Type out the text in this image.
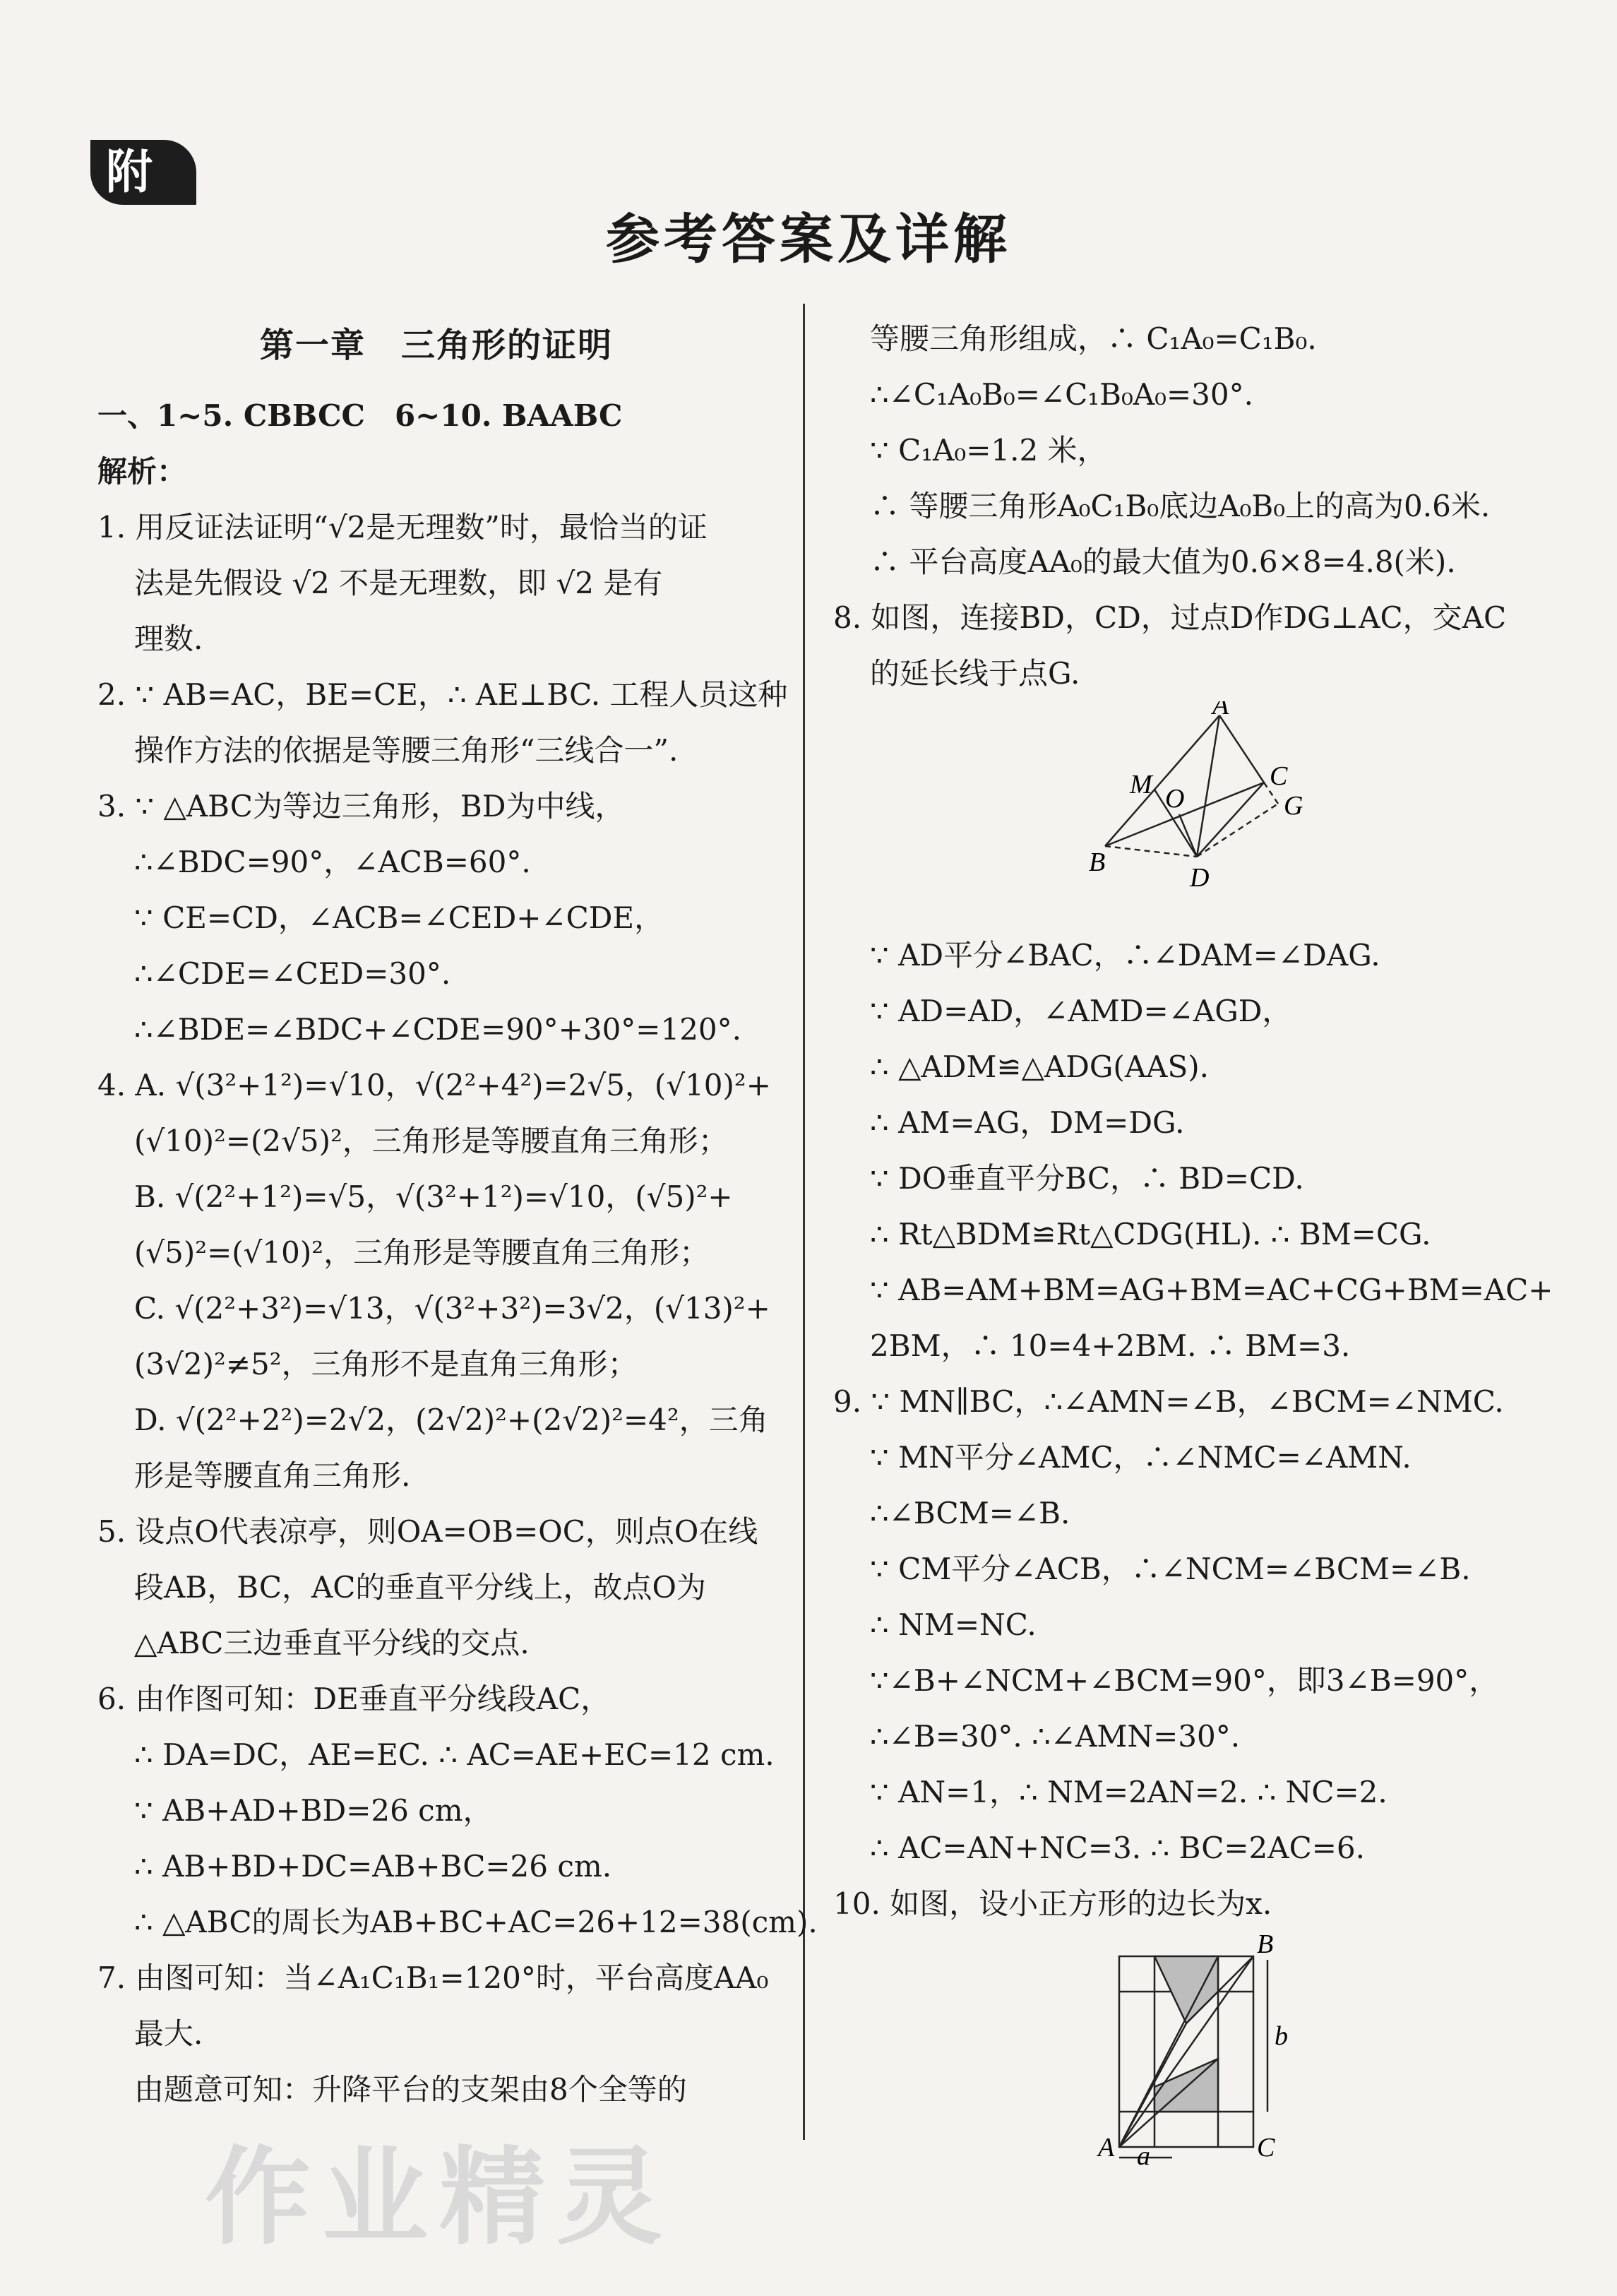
附
参考答案及详解
第一章　三角形的证明
一、1~5. CBBCC　6~10. BAABC
解析：
1. 用反证法证明“√2是无理数”时，最恰当的证
法是先假设 √2 不是无理数，即 √2 是有
理数.
2. ∵ AB=AC，BE=CE，∴ AE⊥BC. 工程人员这种
操作方法的依据是等腰三角形“三线合一”.
3. ∵ △ABC为等边三角形，BD为中线，
∴∠BDC=90°，∠ACB=60°.
∵ CE=CD，∠ACB=∠CED+∠CDE，
∴∠CDE=∠CED=30°.
∴∠BDE=∠BDC+∠CDE=90°+30°=120°.
4. A. √(3²+1²)=√10，√(2²+4²)=2√5，(√10)²+
(√10)²=(2√5)²，三角形是等腰直角三角形；
B. √(2²+1²)=√5，√(3²+1²)=√10，(√5)²+
(√5)²=(√10)²，三角形是等腰直角三角形；
C. √(2²+3²)=√13，√(3²+3²)=3√2，(√13)²+
(3√2)²≠5²，三角形不是直角三角形；
D. √(2²+2²)=2√2，(2√2)²+(2√2)²=4²，三角
形是等腰直角三角形.
5. 设点O代表凉亭，则OA=OB=OC，则点O在线
段AB，BC，AC的垂直平分线上，故点O为
△ABC三边垂直平分线的交点.
6. 由作图可知：DE垂直平分线段AC，
∴ DA=DC，AE=EC. ∴ AC=AE+EC=12 cm.
∵ AB+AD+BD=26 cm，
∴ AB+BD+DC=AB+BC=26 cm.
∴ △ABC的周长为AB+BC+AC=26+12=38(cm).
7. 由图可知：当∠A₁C₁B₁=120°时，平台高度AA₀
最大.
由题意可知：升降平台的支架由8个全等的
等腰三角形组成，∴ C₁A₀=C₁B₀.
∴∠C₁A₀B₀=∠C₁B₀A₀=30°.
∵ C₁A₀=1.2 米，
∴ 等腰三角形A₀C₁B₀底边A₀B₀上的高为0.6米.
∴ 平台高度AA₀的最大值为0.6×8=4.8(米).
8. 如图，连接BD，CD，过点D作DG⊥AC，交AC
的延长线于点G.
A
M O
C
G
B
D
∵ AD平分∠BAC，∴∠DAM=∠DAG.
∵ AD=AD，∠AMD=∠AGD，
∴ △ADM≌△ADG(AAS).
∴ AM=AG，DM=DG.
∵ DO垂直平分BC，∴ BD=CD.
∴ Rt△BDM≌Rt△CDG(HL). ∴ BM=CG.
∵ AB=AM+BM=AG+BM=AC+CG+BM=AC+
2BM，∴ 10=4+2BM. ∴ BM=3.
9. ∵ MN∥BC，∴∠AMN=∠B，∠BCM=∠NMC.
∵ MN平分∠AMC，∴∠NMC=∠AMN.
∴∠BCM=∠B.
∵ CM平分∠ACB，∴∠NCM=∠BCM=∠B.
∴ NM=NC.
∵∠B+∠NCM+∠BCM=90°，即3∠B=90°，
∴∠B=30°. ∴∠AMN=30°.
∵ AN=1，∴ NM=2AN=2. ∴ NC=2.
∴ AC=AN+NC=3. ∴ BC=2AC=6.
10. 如图，设小正方形的边长为x.
B
b
A a	C
作业精灵
